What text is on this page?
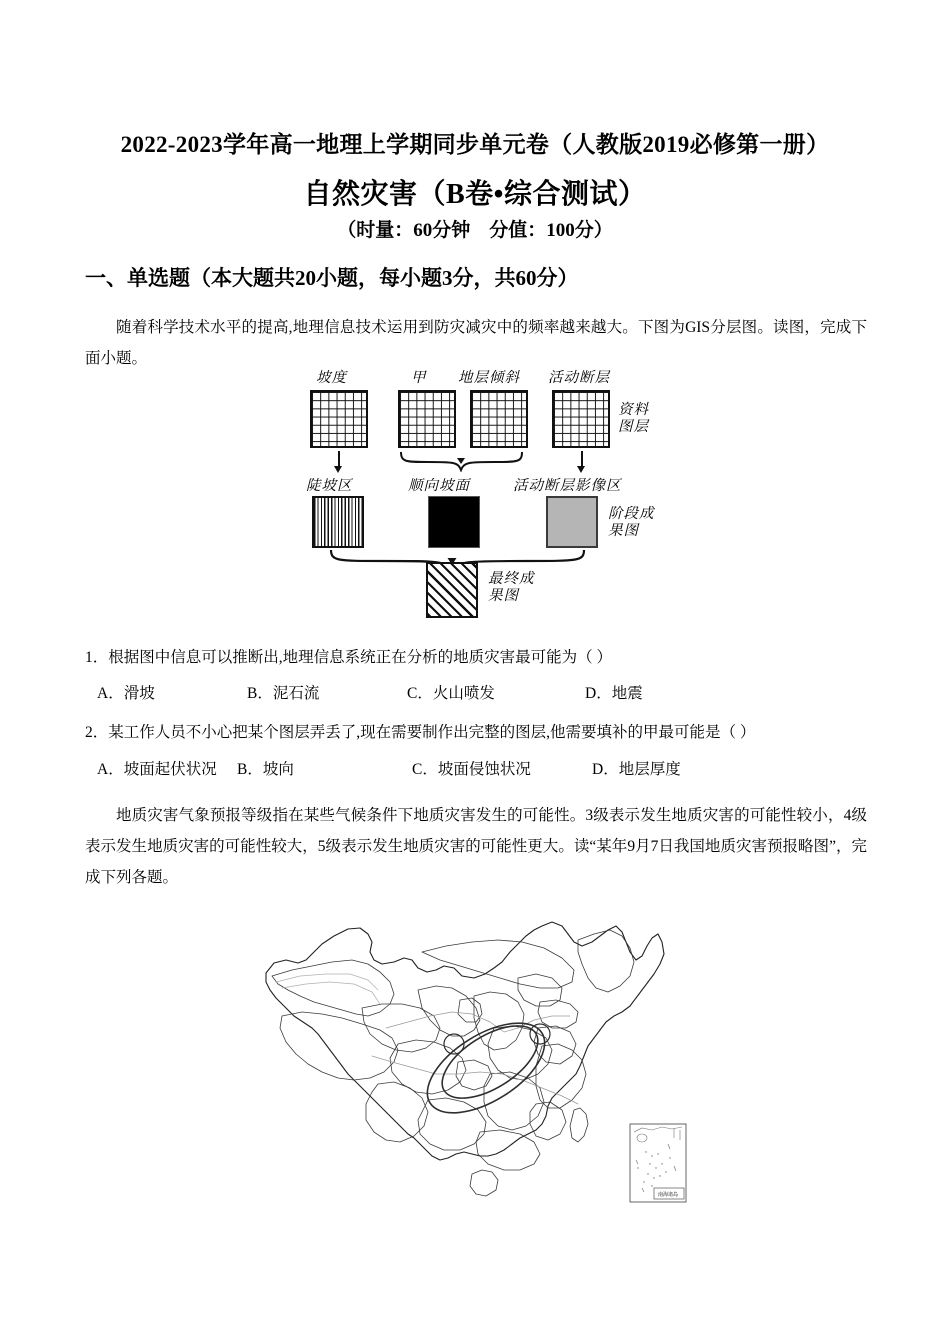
2022-2023学年高一地理上学期同步单元卷（人教版2019必修第一册）
自然灾害（B卷•综合测试）
（时量：60分钟　分值：100分）
一、单选题（本大题共20小题，每小题3分，共60分）
随着科学技术水平的提高,地理信息技术运用到防灾减灾中的频率越来越大。下图为GIS分层图。读图，完成下面小题。
坡度	甲 地层倾斜 活动断层
资料
图层
陡坡区	顺向坡面	活动断层影像区
阶段成
果图
最终成
果图
1．根据图中信息可以推断出,地理信息系统正在分析的地质灾害最可能为（ ）
A．滑坡	B．泥石流	C．火山喷发	D．地震
2．某工作人员不小心把某个图层弄丢了,现在需要制作出完整的图层,他需要填补的甲最可能是（ ）
A．坡面起伏状况 B．坡向	C．坡面侵蚀状况	D．地层厚度
地质灾害气象预报等级指在某些气候条件下地质灾害发生的可能性。3级表示发生地质灾害的可能性较小，4级表示发生地质灾害的可能性较大，5级表示发生地质灾害的可能性更大。读“某年9月7日我国地质灾害预报略图”，完成下列各题。
南海诸岛
